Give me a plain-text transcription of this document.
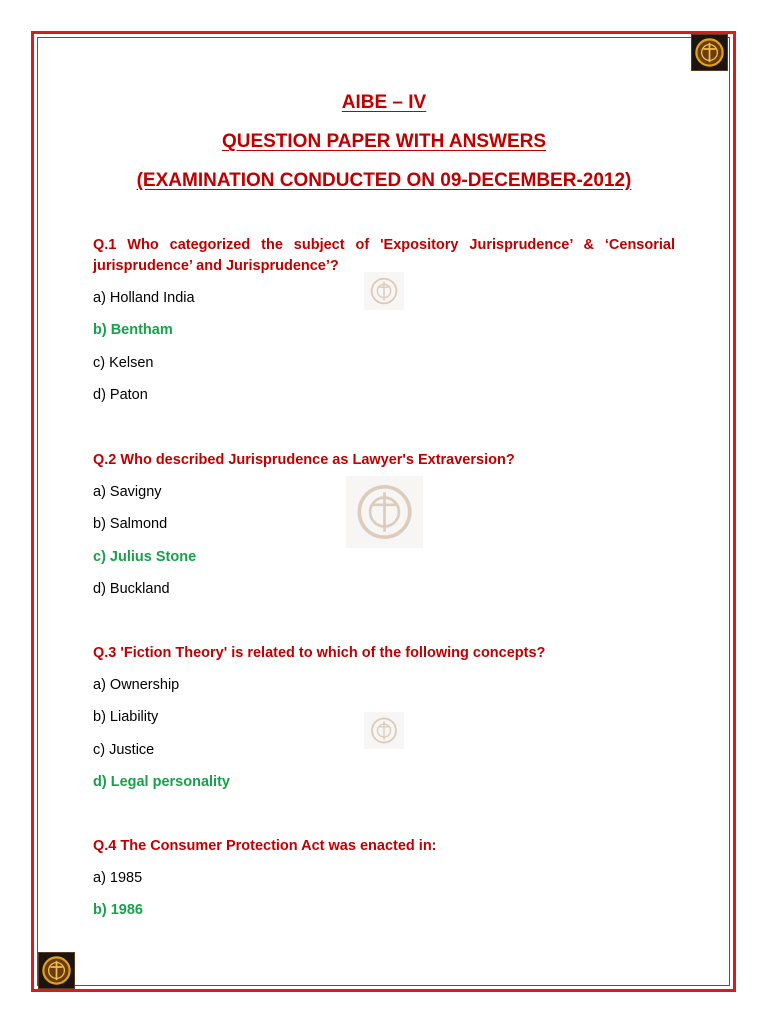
AIBE – IV
QUESTION PAPER WITH ANSWERS
(EXAMINATION CONDUCTED ON 09-DECEMBER-2012)

Q.1 Who categorized the subject of 'Expository Jurisprudence’ & ‘Censorial jurisprudence’ and Jurisprudence’?

a) Holland India

b) Bentham

c) Kelsen

d) Paton

Q.2 Who described Jurisprudence as Lawyer's Extraversion?

a) Savigny

b) Salmond

c) Julius Stone

d) Buckland

Q.3 'Fiction Theory' is related to which of the following concepts?

a) Ownership

b) Liability

c) Justice

d) Legal personality

Q.4 The Consumer Protection Act was enacted in:

a) 1985

b) 1986
